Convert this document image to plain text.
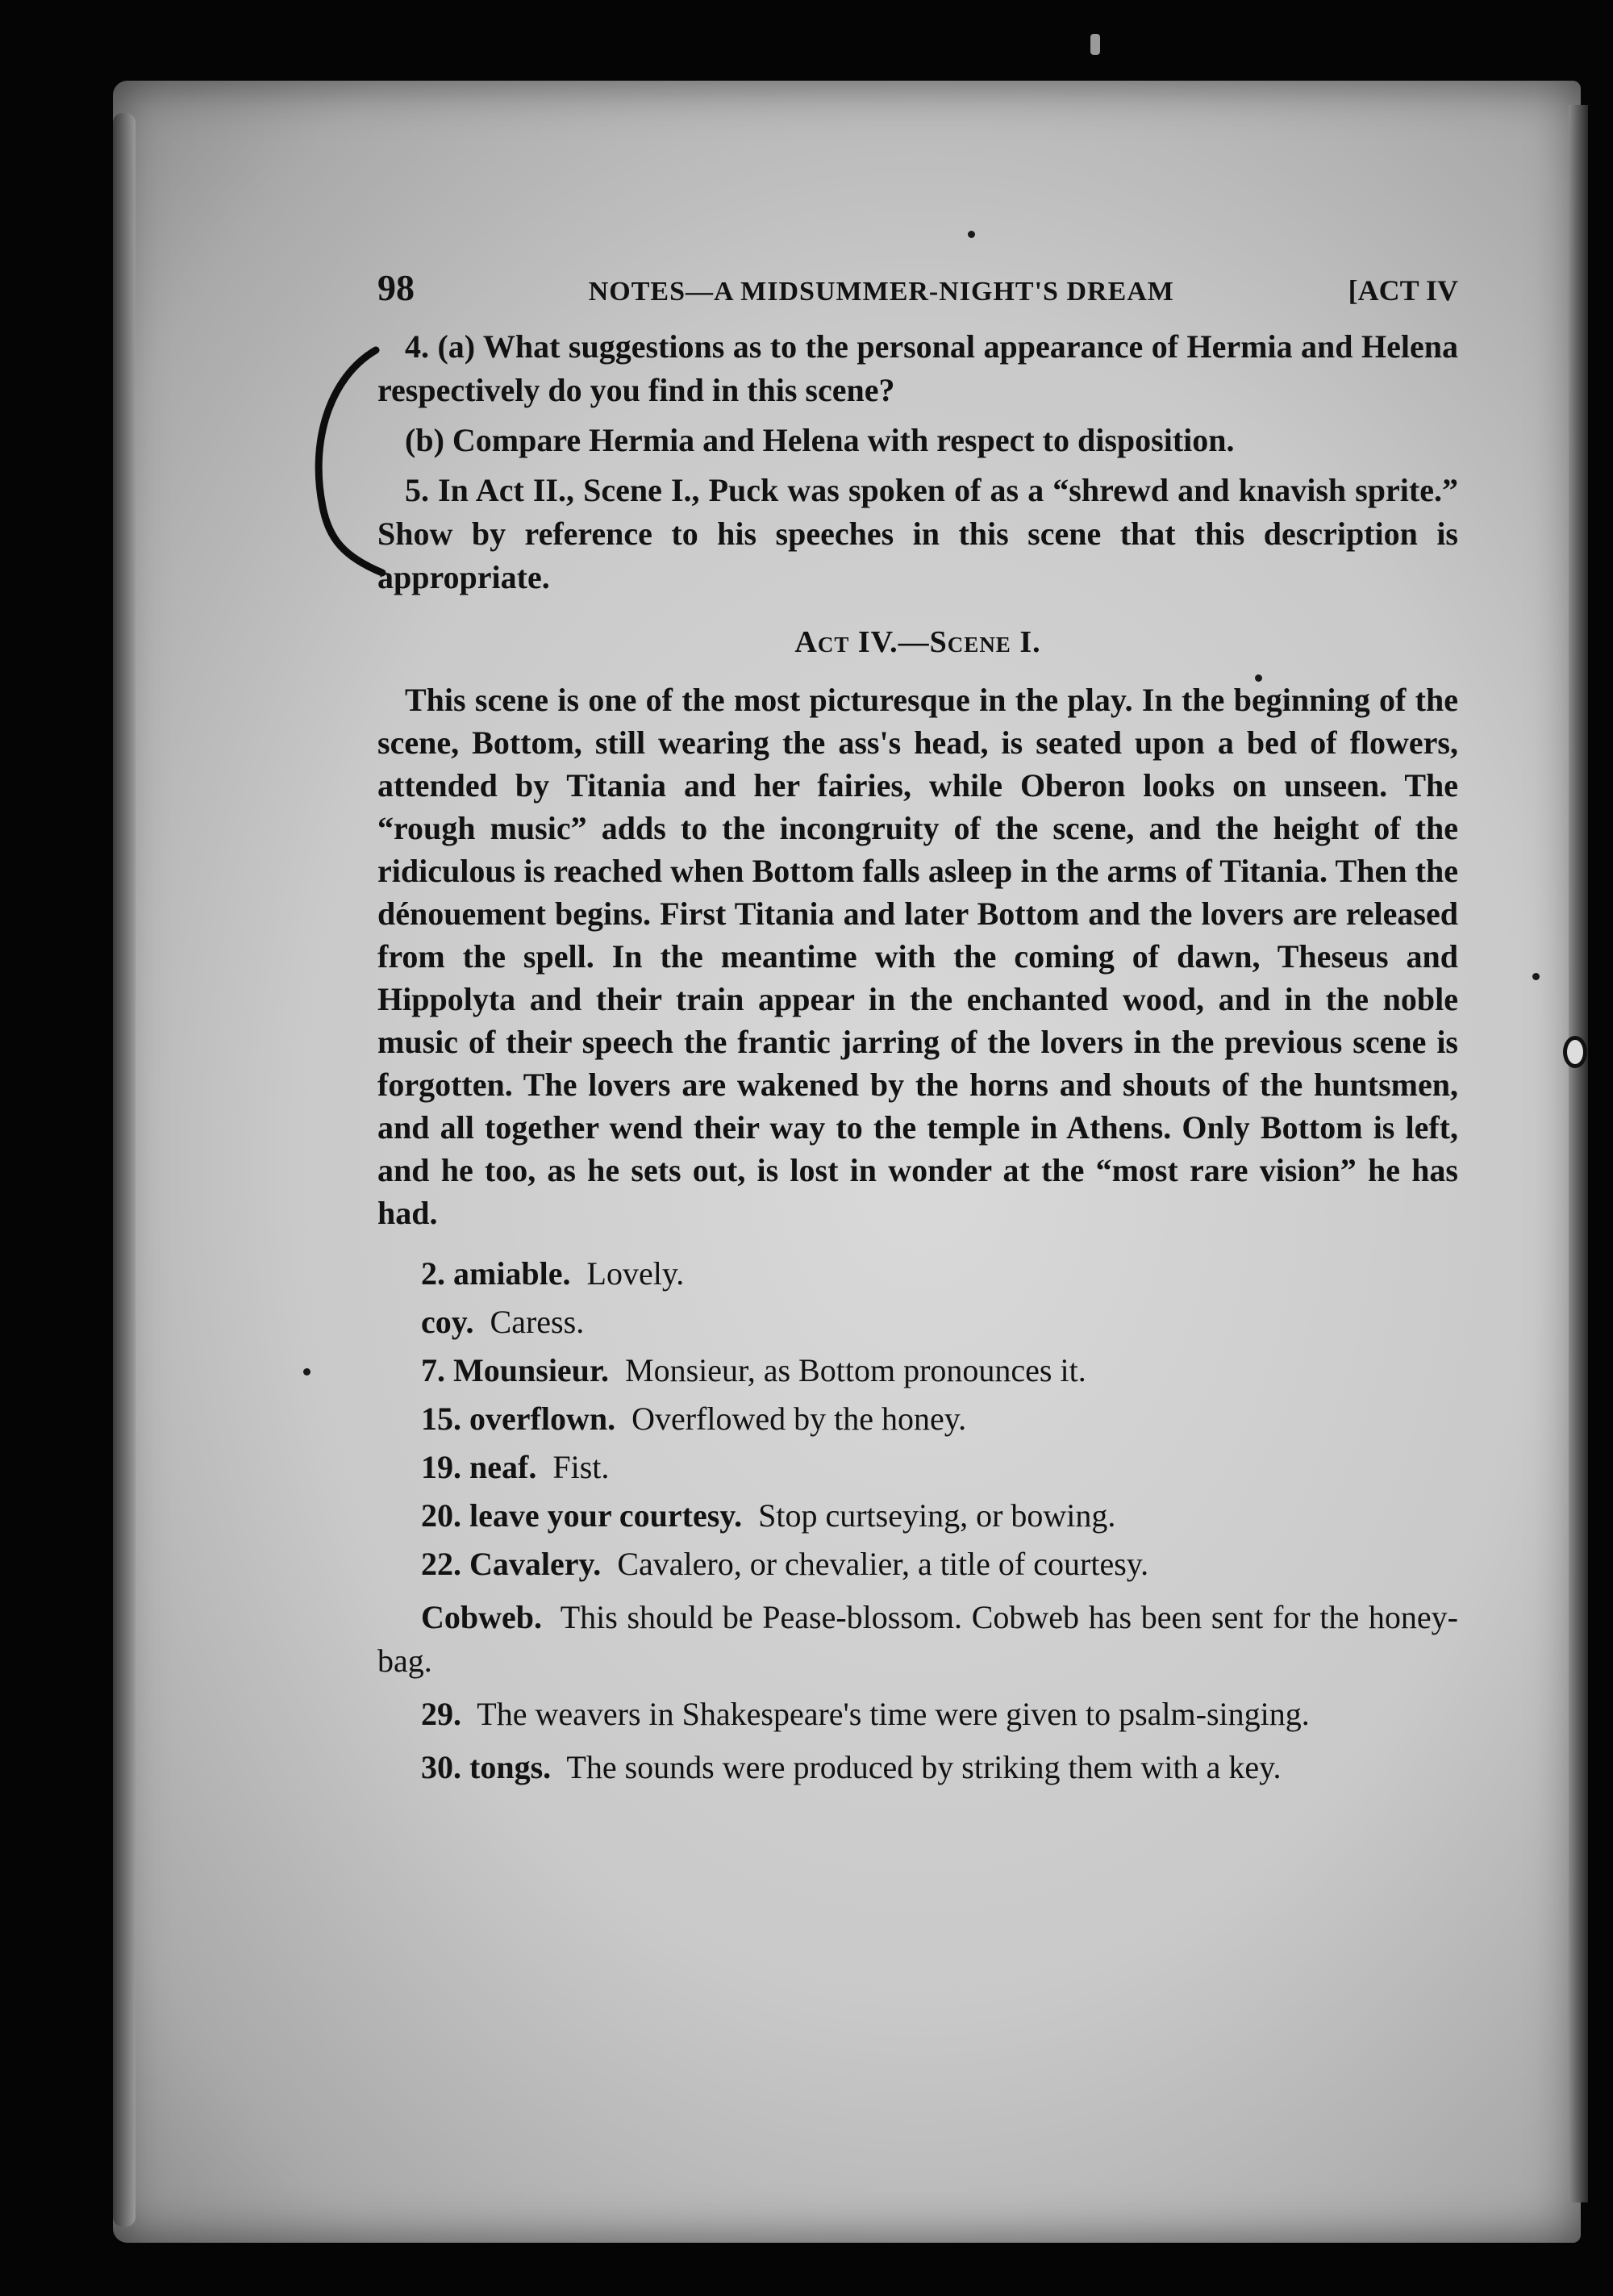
98	NOTES—A MIDSUMMER-NIGHT'S DREAM	[ACT IV

4. (a) What suggestions as to the personal appearance of Hermia and Helena respectively do you find in this scene?

(b) Compare Hermia and Helena with respect to disposition.

5. In Act II., Scene I., Puck was spoken of as a “shrewd and knavish sprite.” Show by reference to his speeches in this scene that this description is appropriate.

Act IV.—Scene I.

This scene is one of the most picturesque in the play. In the beginning of the scene, Bottom, still wearing the ass's head, is seated upon a bed of flowers, attended by Titania and her fairies, while Oberon looks on unseen. The “rough music” adds to the incongruity of the scene, and the height of the ridiculous is reached when Bottom falls asleep in the arms of Titania. Then the dénouement begins. First Titania and later Bottom and the lovers are released from the spell. In the meantime with the coming of dawn, Theseus and Hippolyta and their train appear in the enchanted wood, and in the noble music of their speech the frantic jarring of the lovers in the previous scene is forgotten. The lovers are wakened by the horns and shouts of the huntsmen, and all together wend their way to the temple in Athens. Only Bottom is left, and he too, as he sets out, is lost in wonder at the “most rare vision” he has had.

2. amiable. Lovely.

coy. Caress.

7. Mounsieur. Monsieur, as Bottom pronounces it.

15. overflown. Overflowed by the honey.

19. neaf. Fist.

20. leave your courtesy. Stop curtseying, or bowing.

22. Cavalery. Cavalero, or chevalier, a title of courtesy.

Cobweb. This should be Pease-blossom. Cobweb has been sent for the honey-bag.

29. The weavers in Shakespeare's time were given to psalm-singing.

30. tongs. The sounds were produced by striking them with a key.
